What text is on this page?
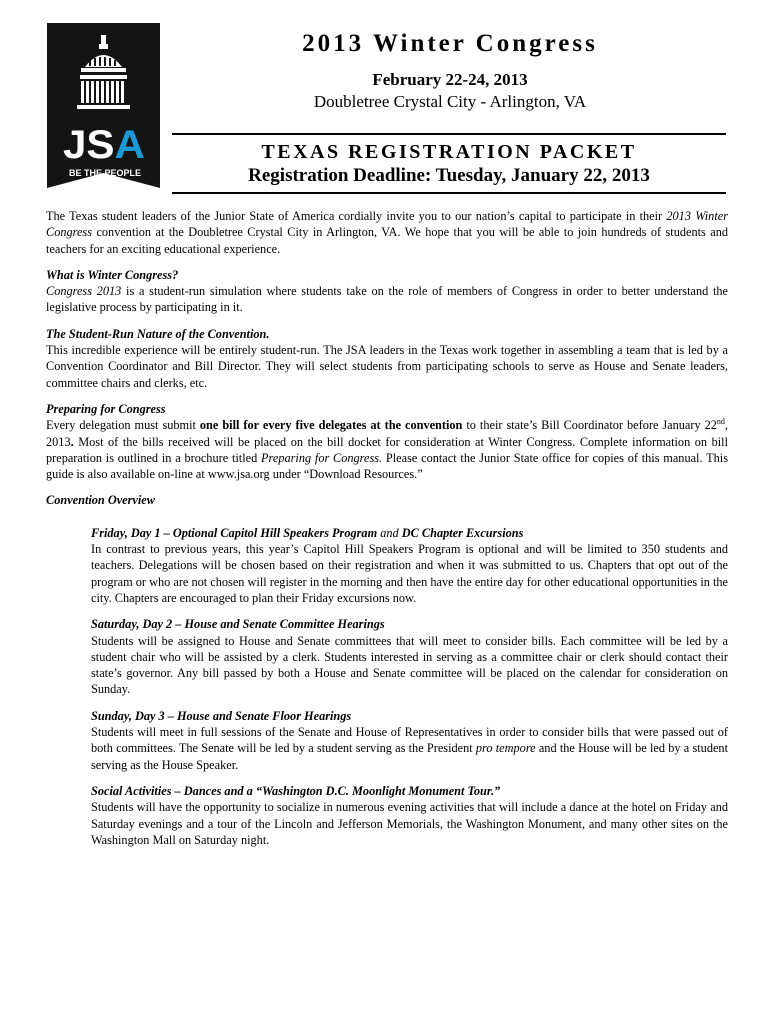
JSA
BE THE PEOPLE
2013 Winter Congress
February 22-24, 2013
Doubletree Crystal City - Arlington, VA
TEXAS REGISTRATION PACKET
Registration Deadline: Tuesday, January 22, 2013

The Texas student leaders of the Junior State of America cordially invite you to our nation’s capital to participate in their 2013 Winter Congress convention at the Doubletree Crystal City in Arlington, VA. We hope that you will be able to join hundreds of students and teachers for an exciting educational experience.

What is Winter Congress?
Congress 2013 is a student-run simulation where students take on the role of members of Congress in order to better understand the legislative process by participating in it.

The Student-Run Nature of the Convention.
This incredible experience will be entirely student-run. The JSA leaders in the Texas work together in assembling a team that is led by a Convention Coordinator and Bill Director. They will select students from participating schools to serve as House and Senate leaders, committee chairs and clerks, etc.

Preparing for Congress
Every delegation must submit one bill for every five delegates at the convention to their state’s Bill Coordinator before January 22nd, 2013. Most of the bills received will be placed on the bill docket for consideration at Winter Congress. Complete information on bill preparation is outlined in a brochure titled Preparing for Congress. Please contact the Junior State office for copies of this manual. This guide is also available on-line at www.jsa.org under “Download Resources.”

Convention Overview

Friday, Day 1 – Optional Capitol Hill Speakers Program and DC Chapter Excursions
In contrast to previous years, this year’s Capitol Hill Speakers Program is optional and will be limited to 350 students and teachers. Delegations will be chosen based on their registration and when it was submitted to us. Chapters that opt out of the program or who are not chosen will register in the morning and then have the entire day for other educational opportunities in the city. Chapters are encouraged to plan their Friday excursions now.

Saturday, Day 2 – House and Senate Committee Hearings
Students will be assigned to House and Senate committees that will meet to consider bills. Each committee will be led by a student chair who will be assisted by a clerk. Students interested in serving as a committee chair or clerk should contact their state’s governor. Any bill passed by both a House and Senate committee will be placed on the calendar for consideration on Sunday.

Sunday, Day 3 – House and Senate Floor Hearings
Students will meet in full sessions of the Senate and House of Representatives in order to consider bills that were passed out of both committees. The Senate will be led by a student serving as the President pro tempore and the House will be led by a student serving as the House Speaker.

Social Activities – Dances and a “Washington D.C. Moonlight Monument Tour.”
Students will have the opportunity to socialize in numerous evening activities that will include a dance at the hotel on Friday and Saturday evenings and a tour of the Lincoln and Jefferson Memorials, the Washington Monument, and many other sites on the Washington Mall on Saturday night.
